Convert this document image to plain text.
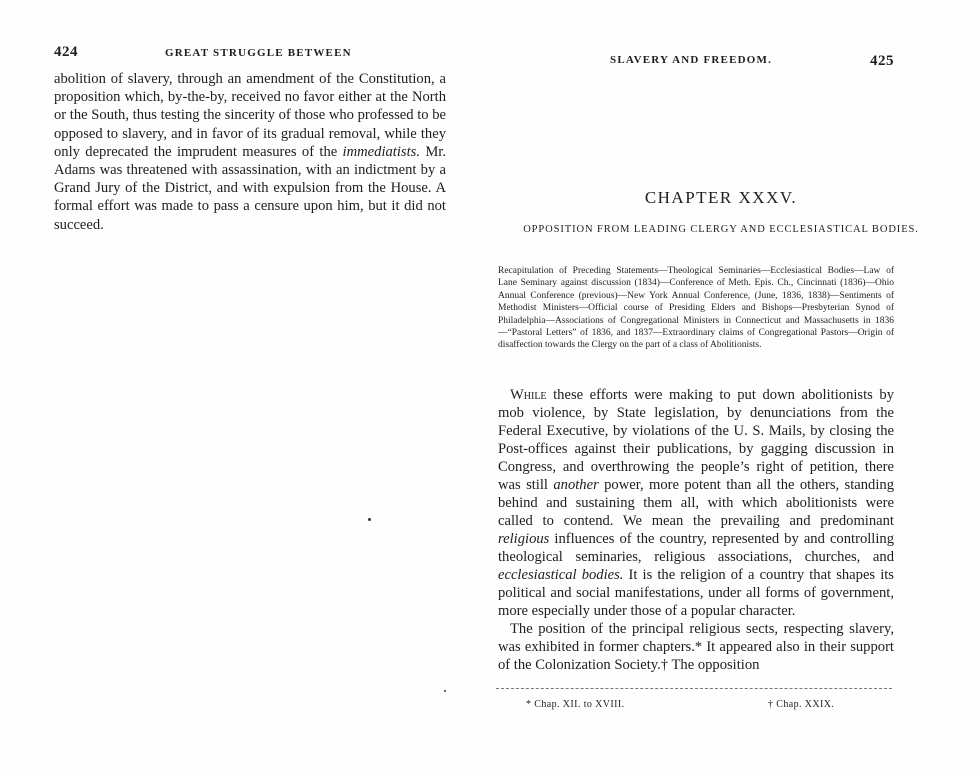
424	GREAT STRUGGLE BETWEEN

abolition of slavery, through an amendment of the Constitution, a proposition which, by-the-by, received no favor either at the North or the South, thus testing the sincerity of those who professed to be opposed to slavery, and in favor of its gradual removal, while they only deprecated the imprudent measures of the immediatists. Mr. Adams was threatened with assassination, with an indictment by a Grand Jury of the District, and with expulsion from the House. A formal effort was made to pass a censure upon him, but it did not succeed.

SLAVERY AND FREEDOM.	425
CHAPTER XXXV.
OPPOSITION FROM LEADING CLERGY AND ECCLESIASTICAL BODIES.
Recapitulation of Preceding Statements—Theological Seminaries—Ecclesiastical Bodies—Law of Lane Seminary against discussion (1834)—Conference of Meth. Epis. Ch., Cincinnati (1836)—Ohio Annual Conference (previous)—New York Annual Conference, (June, 1836, 1838)—Sentiments of Methodist Ministers—Official course of Presiding Elders and Bishops—Presbyterian Synod of Philadelphia—Associations of Congregational Ministers in Connecticut and Massachusetts in 1836—“Pastoral Letters” of 1836, and 1837—Extraordinary claims of Congregational Pastors—Origin of disaffection towards the Clergy on the part of a class of Abolitionists.

While these efforts were making to put down abolitionists by mob violence, by State legislation, by denunciations from the Federal Executive, by violations of the U. S. Mails, by closing the Post-offices against their publications, by gagging discussion in Congress, and overthrowing the people’s right of petition, there was still another power, more potent than all the others, standing behind and sustaining them all, with which abolitionists were called to contend. We mean the prevailing and predominant religious influences of the country, represented by and controlling theological seminaries, religious associations, churches, and ecclesiastical bodies. It is the religion of a country that shapes its political and social manifestations, under all forms of government, more especially under those of a popular character.

The position of the principal religious sects, respecting slavery, was exhibited in former chapters.* It appeared also in their support of the Colonization Society.† The opposition

* Chap. XII. to XVIII.	† Chap. XXIX.
